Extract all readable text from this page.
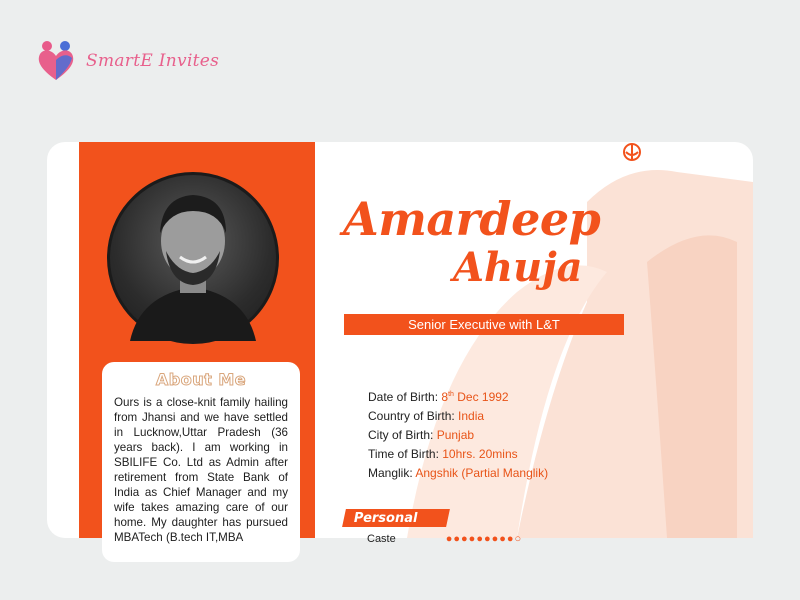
SmartE Invites
About Me
Ours is a close-knit family hailing from Jhansi and we have settled in Lucknow,Uttar Pradesh (36 years back). I am working in SBILIFE Co. Ltd as Admin after retirement from State Bank of India as Chief Manager and my wife takes amazing care of our home. My daughter has pursued MBATech (B.tech IT,MBA
Amardeep
Ahuja
Senior Executive with L&T
Date of Birth: 8th Dec 1992
Country of Birth: India
City of Birth: Punjab
Time of Birth: 10hrs. 20mins
Manglik: Angshik (Partial Manglik)
Personal
Caste	●●●●●●●●●○
